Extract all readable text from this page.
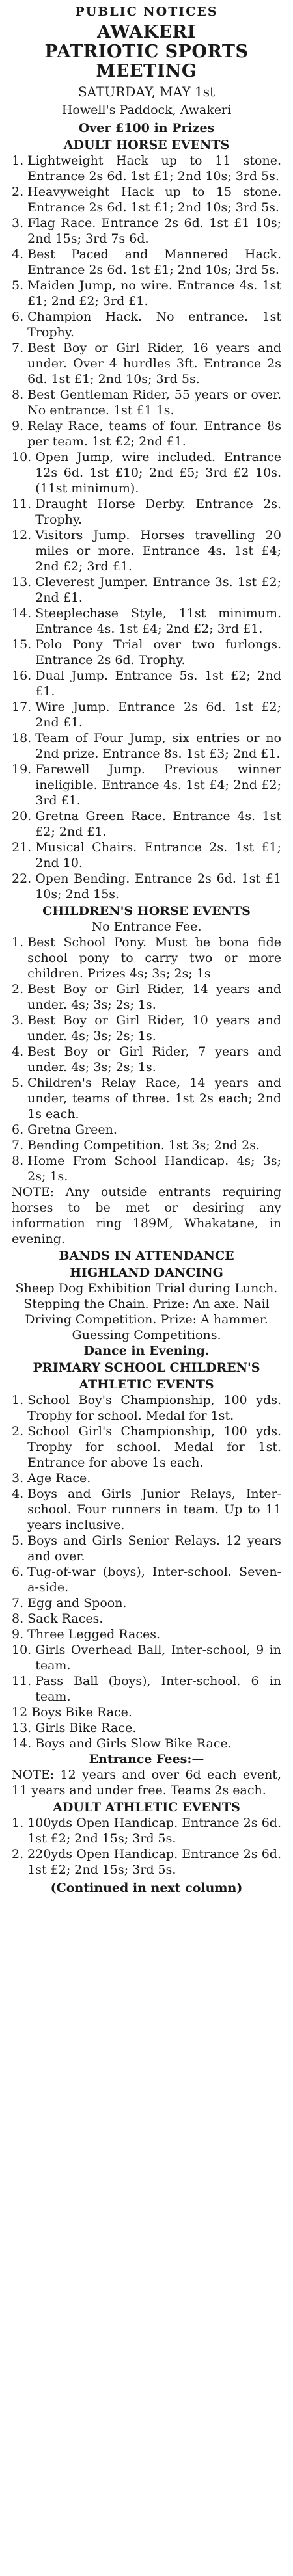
PUBLIC NOTICES
AWAKERI
PATRIOTIC SPORTS MEETING
SATURDAY, MAY 1st
Howell's Paddock, Awakeri
Over £100 in Prizes
ADULT HORSE EVENTS
1. Lightweight Hack up to 11 stone. Entrance 2s 6d. 1st £1; 2nd 10s; 3rd 5s.
2. Heavyweight Hack up to 15 stone. Entrance 2s 6d. 1st £1; 2nd 10s; 3rd 5s.
3. Flag Race. Entrance 2s 6d. 1st £1 10s; 2nd 15s; 3rd 7s 6d.
4. Best Paced and Mannered Hack. Entrance 2s 6d. 1st £1; 2nd 10s; 3rd 5s.
5. Maiden Jump, no wire. Entrance 4s. 1st £1; 2nd £2; 3rd £1.
6. Champion Hack. No entrance. 1st Trophy.
7. Best Boy or Girl Rider, 16 years and under. Over 4 hurdles 3ft. Entrance 2s 6d. 1st £1; 2nd 10s; 3rd 5s.
8. Best Gentleman Rider, 55 years or over. No entrance. 1st £1 1s.
9. Relay Race, teams of four. Entrance 8s per team. 1st £2; 2nd £1.
10. Open Jump, wire included. Entrance 12s 6d. 1st £10; 2nd £5; 3rd £2 10s. (11st minimum).
11. Draught Horse Derby. Entrance 2s. Trophy.
12. Visitors Jump. Horses travelling 20 miles or more. Entrance 4s. 1st £4; 2nd £2; 3rd £1.
13. Cleverest Jumper. Entrance 3s. 1st £2; 2nd £1.
14. Steeplechase Style, 11st minimum. Entrance 4s. 1st £4; 2nd £2; 3rd £1.
15. Polo Pony Trial over two furlongs. Entrance 2s 6d. Trophy.
16. Dual Jump. Entrance 5s. 1st £2; 2nd £1.
17. Wire Jump. Entrance 2s 6d. 1st £2; 2nd £1.
18. Team of Four Jump, six entries or no 2nd prize. Entrance 8s. 1st £3; 2nd £1.
19. Farewell Jump. Previous winner ineligible. Entrance 4s. 1st £4; 2nd £2; 3rd £1.
20. Gretna Green Race. Entrance 4s. 1st £2; 2nd £1.
21. Musical Chairs. Entrance 2s. 1st £1; 2nd 10.
22. Open Bending. Entrance 2s 6d. 1st £1 10s; 2nd 15s.
CHILDREN'S HORSE EVENTS
No Entrance Fee.
1. Best School Pony. Must be bona fide school pony to carry two or more children. Prizes 4s; 3s; 2s; 1s
2. Best Boy or Girl Rider, 14 years and under. 4s; 3s; 2s; 1s.
3. Best Boy or Girl Rider, 10 years and under. 4s; 3s; 2s; 1s.
4. Best Boy or Girl Rider, 7 years and under. 4s; 3s; 2s; 1s.
5. Children's Relay Race, 14 years and under, teams of three. 1st 2s each; 2nd 1s each.
6. Gretna Green.
7. Bending Competition. 1st 3s; 2nd 2s.
8. Home From School Handicap. 4s; 3s; 2s; 1s.
NOTE: Any outside entrants requiring horses to be met or desiring any information ring 189M, Whakatane, in evening.
BANDS IN ATTENDANCE
HIGHLAND DANCING
Sheep Dog Exhibition Trial during Lunch.
Stepping the Chain. Prize: An axe. Nail Driving Competition. Prize: A hammer.
Guessing Competitions.
Dance in Evening.
PRIMARY SCHOOL CHILDREN'S
ATHLETIC EVENTS
1. School Boy's Championship, 100 yds. Trophy for school. Medal for 1st.
2. School Girl's Championship, 100 yds. Trophy for school. Medal for 1st. Entrance for above 1s each.
3. Age Race.
4. Boys and Girls Junior Relays, Inter-school. Four runners in team. Up to 11 years inclusive.
5. Boys and Girls Senior Relays. 12 years and over.
6. Tug-of-war (boys), Inter-school. Seven-a-side.
7. Egg and Spoon.
8. Sack Races.
9. Three Legged Races.
10. Girls Overhead Ball, Inter-school, 9 in team.
11. Pass Ball (boys), Inter-school. 6 in team.
12 Boys Bike Race.
13. Girls Bike Race.
14. Boys and Girls Slow Bike Race.
Entrance Fees:—
NOTE: 12 years and over 6d each event, 11 years and under free. Teams 2s each.
ADULT ATHLETIC EVENTS
1. 100yds Open Handicap. Entrance 2s 6d. 1st £2; 2nd 15s; 3rd 5s.
2. 220yds Open Handicap. Entrance 2s 6d. 1st £2; 2nd 15s; 3rd 5s.
(Continued in next column)
